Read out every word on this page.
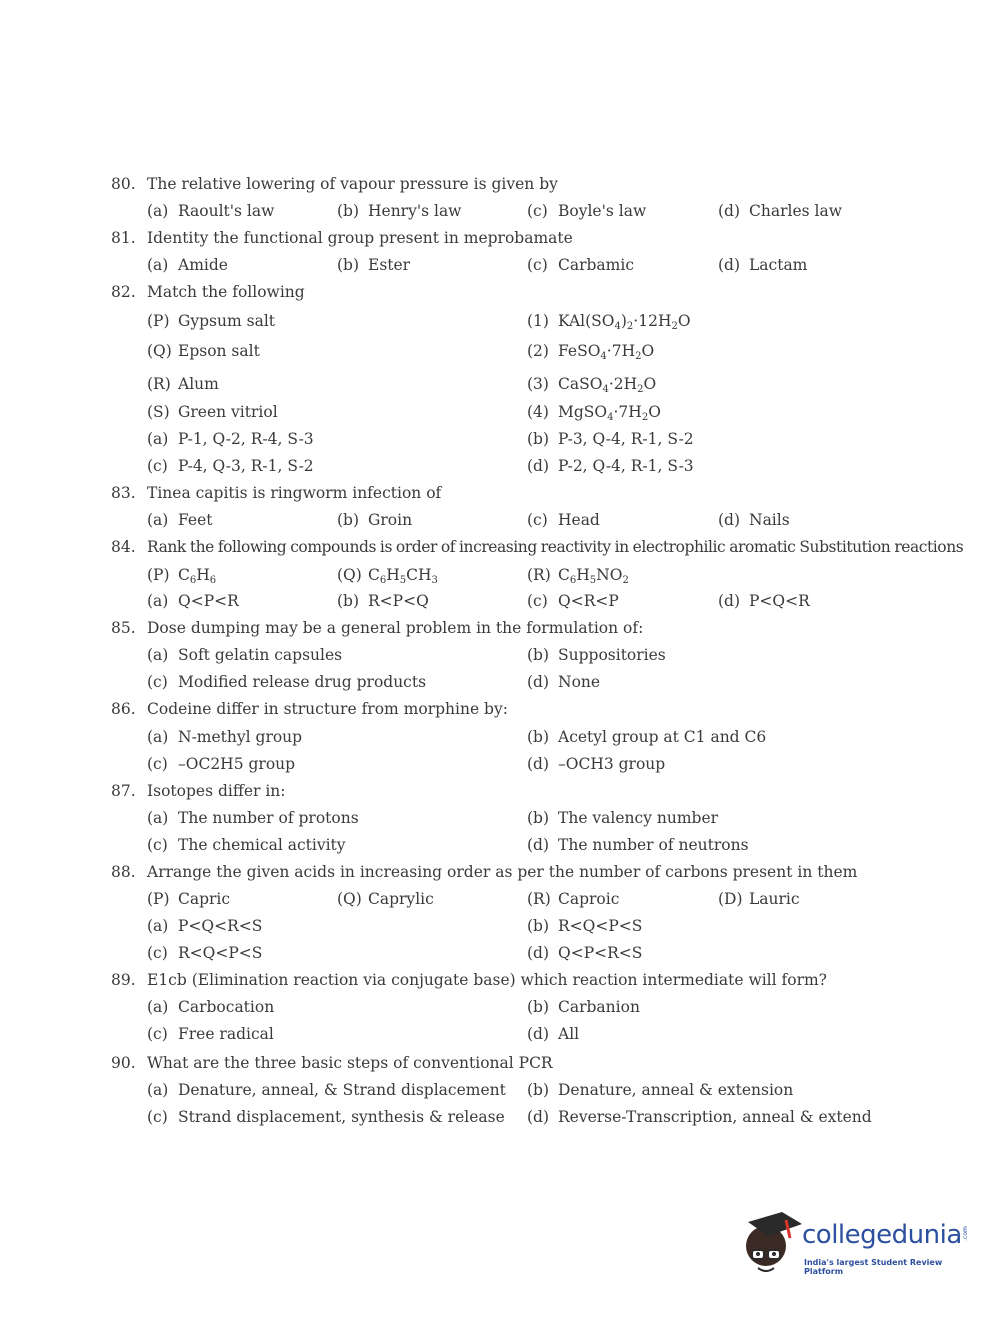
80. The relative lowering of vapour pressure is given by
(a) Raoult's law	(b) Henry's law	(c) Boyle's law	(d) Charles law
81. Identity the functional group present in meprobamate
(a) Amide	(b) Ester	(c) Carbamic	(d) Lactam
82. Match the following
(P) Gypsum salt	(1) $KAl(SO_4)_2\cdot 12H_2O$
(Q) Epson salt	(2) $FeSO_4\cdot 7H_2O$
(R) Alum	(3) $CaSO_4\cdot 2H_2O$
(S) Green vitriol	(4) $MgSO_4\cdot 7H_2O$
(a) P-1, Q-2, R-4, S-3	(b) P-3, Q-4, R-1, S-2
(c) P-4, Q-3, R-1, S-2	(d) P-2, Q-4, R-1, S-3
83. Tinea capitis is ringworm infection of
(a) Feet	(b) Groin	(c) Head	(d) Nails
84. Rank the following compounds is order of increasing reactivity in electrophilic aromatic Substitution reactions
(P) $C_6H_6$	(Q) $C_6H_5CH_3$	(R) $C_6H_5NO_2$
(a) Q<P<R	(b) R<P<Q	(c) Q<R<P	(d) P<Q<R
85. Dose dumping may be a general problem in the formulation of:
(a) Soft gelatin capsules	(b) Suppositories
(c) Modified release drug products	(d) None
86. Codeine differ in structure from morphine by:
(a) N-methyl group	(b) Acetyl group at C1 and C6
(c) –OC2H5 group	(d) –OCH3 group
87. Isotopes differ in:
(a) The number of protons	(b) The valency number
(c) The chemical activity	(d) The number of neutrons
88. Arrange the given acids in increasing order as per the number of carbons present in them
(P) Capric	(Q) Caprylic	(R) Caproic	(D) Lauric
(a) P<Q<R<S	(b) R<Q<P<S
(c) R<Q<P<S	(d) Q<P<R<S
89. E1cb (Elimination reaction via conjugate base) which reaction intermediate will form?
(a) Carbocation	(b) Carbanion
(c) Free radical	(d) All
90. What are the three basic steps of conventional PCR
(a) Denature, anneal, & Strand displacement (b) Denature, anneal & extension
(c) Strand displacement, synthesis & release (d) Reverse-Transcription, anneal & extend
collegedunia .com
India's largest Student Review Platform
